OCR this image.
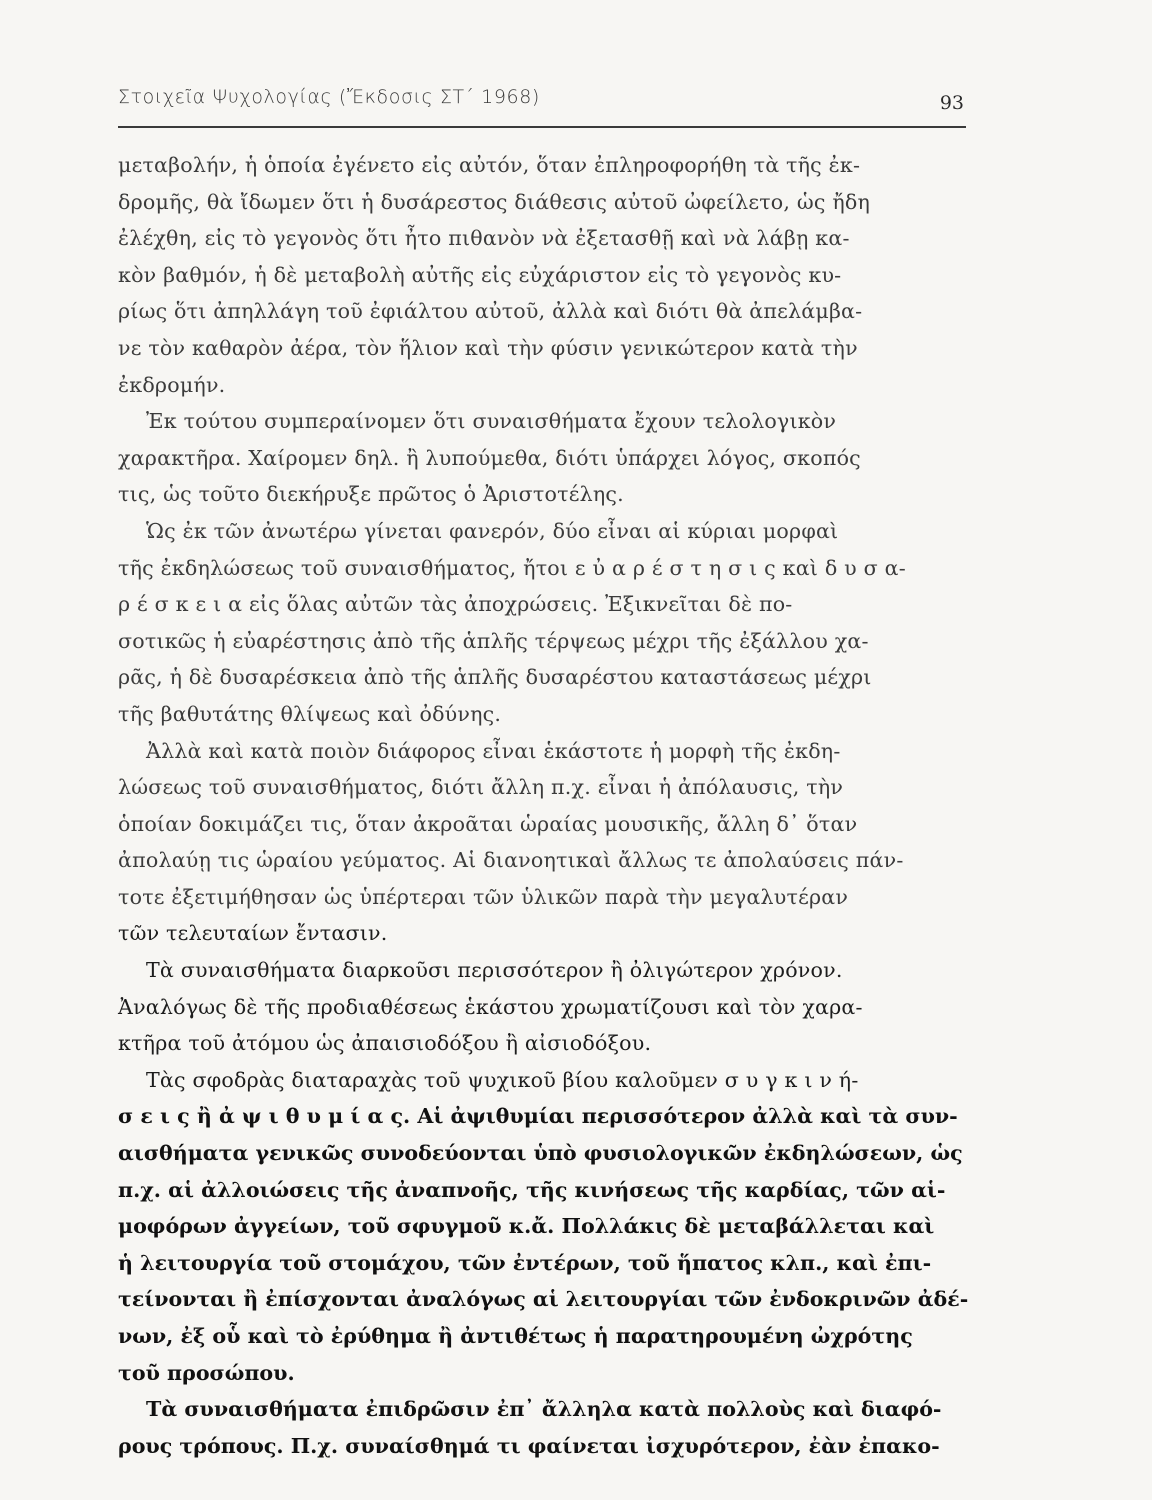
Στοιχεῖα Ψυχολογίας (Ἔκδοσις ΣΤ΄ 1968)	93
μεταβολήν, ἡ ὁποία ἐγένετο εἰς αὐτόν, ὅταν ἐπληροφορήθη τὰ τῆς ἐκ-
δρομῆς, θὰ ἴδωμεν ὅτι ἡ δυσάρεστος διάθεσις αὐτοῦ ὠφείλετο, ὡς ἤδη
ἐλέχθη, εἰς τὸ γεγονὸς ὅτι ἦτο πιθανὸν νὰ ἐξετασθῇ καὶ νὰ λάβῃ κα-
κὸν βαθμόν, ἡ δὲ μεταβολὴ αὐτῆς εἰς εὐχάριστον εἰς τὸ γεγονὸς κυ-
ρίως ὅτι ἀπηλλάγη τοῦ ἐφιάλτου αὐτοῦ, ἀλλὰ καὶ διότι θὰ ἀπελάμβα-
νε τὸν καθαρὸν ἀέρα, τὸν ἥλιον καὶ τὴν φύσιν γενικώτερον κατὰ τὴν
ἐκδρομήν.
Ἐκ τούτου συμπεραίνομεν ὅτι συναισθήματα ἔχουν τελολογικὸν
χαρακτῆρα. Χαίρομεν δηλ. ἢ λυπούμεθα, διότι ὑπάρχει λόγος, σκοπός
τις, ὡς τοῦτο διεκήρυξε πρῶτος ὁ Ἀριστοτέλης.
Ὡς ἐκ τῶν ἀνωτέρω γίνεται φανερόν, δύο εἶναι αἱ κύριαι μορφαὶ
τῆς ἐκδηλώσεως τοῦ συναισθήματος, ἤτοι ε ὐ α ρ έ σ τ η σ ι ς καὶ δ υ σ α-
ρ έ σ κ ε ι α εἰς ὅλας αὐτῶν τὰς ἀποχρώσεις. Ἐξικνεῖται δὲ πο-
σοτικῶς ἡ εὐαρέστησις ἀπὸ τῆς ἁπλῆς τέρψεως μέχρι τῆς ἐξάλλου χα-
ρᾶς, ἡ δὲ δυσαρέσκεια ἀπὸ τῆς ἁπλῆς δυσαρέστου καταστάσεως μέχρι
τῆς βαθυτάτης θλίψεως καὶ ὀδύνης.
Ἀλλὰ καὶ κατὰ ποιὸν διάφορος εἶναι ἑκάστοτε ἡ μορφὴ τῆς ἐκδη-
λώσεως τοῦ συναισθήματος, διότι ἄλλη π.χ. εἶναι ἡ ἀπόλαυσις, τὴν
ὁποίαν δοκιμάζει τις, ὅταν ἀκροᾶται ὡραίας μουσικῆς, ἄλλη δ᾿ ὅταν
ἀπολαύῃ τις ὡραίου γεύματος. Αἱ διανοητικαὶ ἄλλως τε ἀπολαύσεις πάν-
τοτε ἐξετιμήθησαν ὡς ὑπέρτεραι τῶν ὑλικῶν παρὰ τὴν μεγαλυτέραν
τῶν τελευταίων ἔντασιν.
Τὰ συναισθήματα διαρκοῦσι περισσότερον ἢ ὀλιγώτερον χρόνον.
Ἀναλόγως δὲ τῆς προδιαθέσεως ἑκάστου χρωματίζουσι καὶ τὸν χαρα-
κτῆρα τοῦ ἀτόμου ὡς ἀπαισιοδόξου ἢ αἰσιοδόξου.
Τὰς σφοδρὰς διαταραχὰς τοῦ ψυχικοῦ βίου καλοῦμεν σ υ γ κ ι ν ή-
σ ε ι ς ἢ ἀ ψ ι θ υ μ ί α ς. Αἱ ἀψιθυμίαι περισσότερον ἀλλὰ καὶ τὰ συν-
αισθήματα γενικῶς συνοδεύονται ὑπὸ φυσιολογικῶν ἐκδηλώσεων, ὡς
π.χ. αἱ ἀλλοιώσεις τῆς ἀναπνοῆς, τῆς κινήσεως τῆς καρδίας, τῶν αἱ-
μοφόρων ἀγγείων, τοῦ σφυγμοῦ κ.ἄ. Πολλάκις δὲ μεταβάλλεται καὶ
ἡ λειτουργία τοῦ στομάχου, τῶν ἐντέρων, τοῦ ἥπατος κλπ., καὶ ἐπι-
τείνονται ἢ ἐπίσχονται ἀναλόγως αἱ λειτουργίαι τῶν ἐνδοκρινῶν ἀδέ-
νων, ἐξ οὗ καὶ τὸ ἐρύθημα ἢ ἀντιθέτως ἡ παρατηρουμένη ὠχρότης
τοῦ προσώπου.
Τὰ συναισθήματα ἐπιδρῶσιν ἐπ᾿ ἄλληλα κατὰ πολλοὺς καὶ διαφό-
ρους τρόπους. Π.χ. συναίσθημά τι φαίνεται ἰσχυρότερον, ἐὰν ἐπακο-
